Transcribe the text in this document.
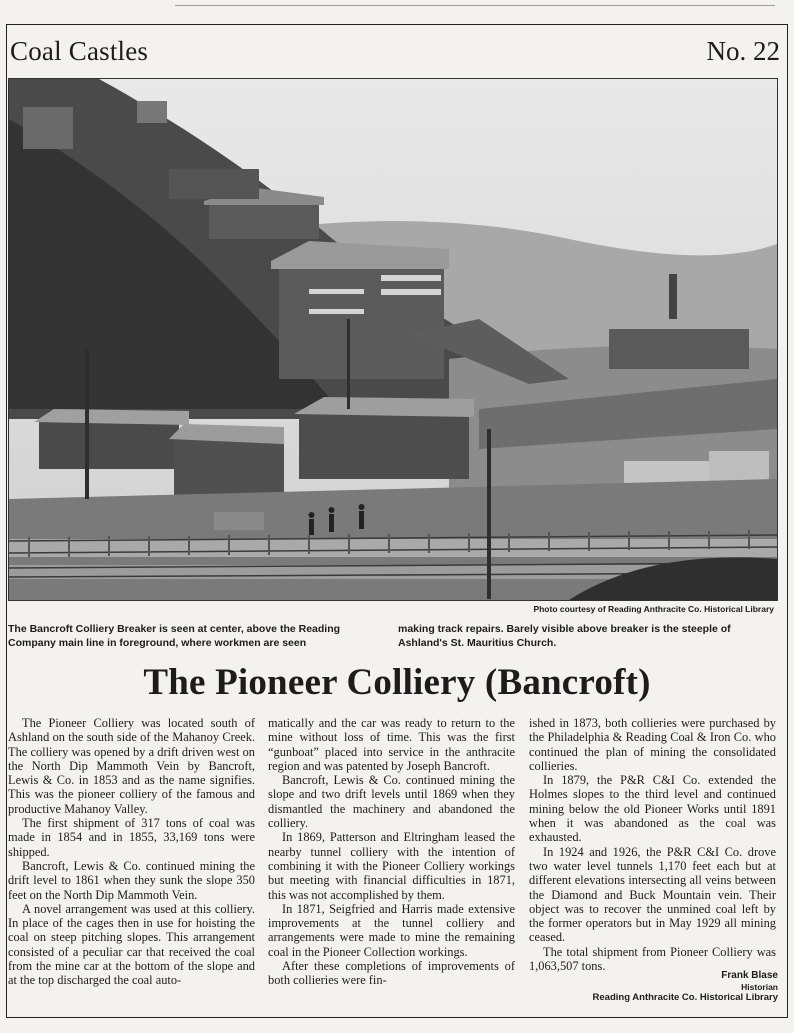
Coal Castles	No. 22
Photo courtesy of Reading Anthracite Co. Historical Library
The Bancroft Colliery Breaker is seen at center, above the Reading Company main line in foreground, where workmen are seen
making track repairs. Barely visible above breaker is the steeple of Ashland's St. Mauritius Church.
The Pioneer Colliery (Bancroft)

The Pioneer Colliery was located south of Ashland on the south side of the Mahanoy Creek. The colliery was opened by a drift driven west on the North Dip Mammoth Vein by Bancroft, Lewis & Co. in 1853 and as the name signifies. This was the pioneer colliery of the famous and productive Mahanoy Valley.

The first shipment of 317 tons of coal was made in 1854 and in 1855, 33,169 tons were shipped.

Bancroft, Lewis & Co. continued mining the drift level to 1861 when they sunk the slope 350 feet on the North Dip Mammoth Vein.

A novel arrangement was used at this colliery. In place of the cages then in use for hoisting the coal on steep pitching slopes. This arrangement consisted of a peculiar car that received the coal from the mine car at the bottom of the slope and at the top discharged the coal auto-

matically and the car was ready to return to the mine without loss of time. This was the first “gunboat” placed into service in the anthracite region and was patented by Joseph Bancroft.

Bancroft, Lewis & Co. continued mining the slope and two drift levels until 1869 when they dismantled the machinery and abandoned the colliery.

In 1869, Patterson and Eltringham leased the nearby tunnel colliery with the intention of combining it with the Pioneer Colliery workings but meeting with financial difficulties in 1871, this was not accomplished by them.

In 1871, Seigfried and Harris made extensive improvements at the tunnel colliery and arrangements were made to mine the remaining coal in the Pioneer Collection workings.

After these completions of improvements of both collieries were fin-

ished in 1873, both collieries were purchased by the Philadelphia & Reading Coal & Iron Co. who continued the plan of mining the consolidated collieries.

In 1879, the P&R C&I Co. extended the Holmes slopes to the third level and continued mining below the old Pioneer Works until 1891 when it was abandoned as the coal was exhausted.

In 1924 and 1926, the P&R C&I Co. drove two water level tunnels 1,170 feet each but at different elevations intersecting all veins between the Diamond and Buck Mountain vein. Their object was to recover the unmined coal left by the former operators but in May 1929 all mining ceased.

The total shipment from Pioneer Colliery was 1,063,507 tons.

Frank Blase
Historian
Reading Anthracite Co. Historical Library
